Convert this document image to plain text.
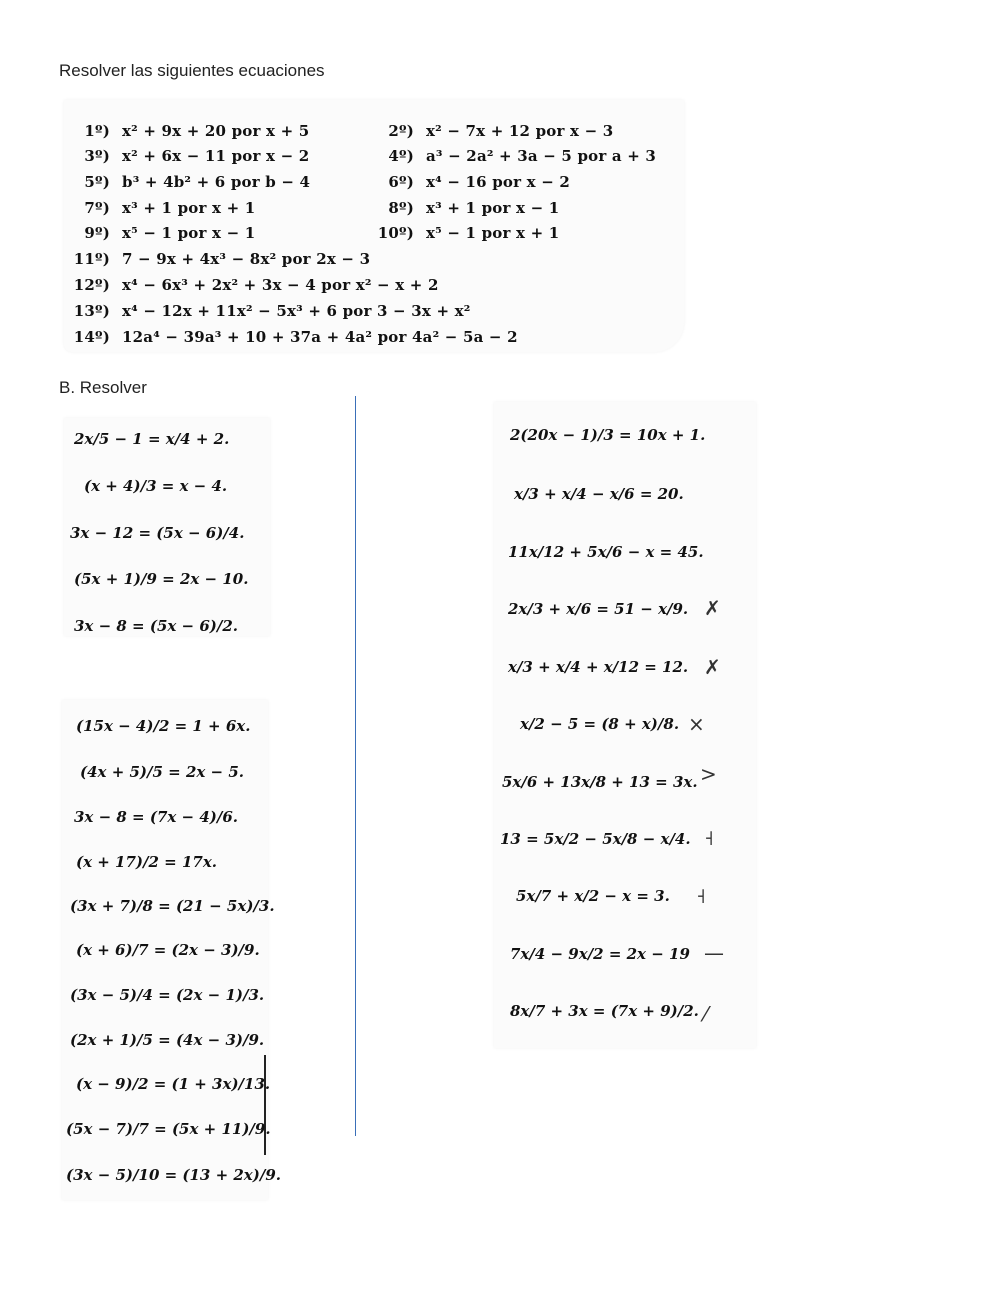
Resolver las siguientes ecuaciones
1º) x² + 9x + 20 por x + 5	2º) x² − 7x + 12 por x − 3
3º) x² + 6x − 11 por x − 2	4º) a³ − 2a² + 3a − 5 por a + 3
5º) b³ + 4b² + 6 por b − 4	6º) x⁴ − 16 por x − 2
7º) x³ + 1 por x + 1	8º) x³ + 1 por x − 1
9º) x⁵ − 1 por x − 1	10º) x⁵ − 1 por x + 1
11º) 7 − 9x + 4x³ − 8x² por 2x − 3
12º) x⁴ − 6x³ + 2x² + 3x − 4 por x² − x + 2
13º) x⁴ − 12x + 11x² − 5x³ + 6 por 3 − 3x + x²
14º) 12a⁴ − 39a³ + 10 + 37a + 4a² por 4a² − 5a − 2
B. Resolver
2x/5 − 1 = x/4 + 2.
(x + 4)/3 = x − 4.
3x − 12 = (5x − 6)/4.
(5x + 1)/9 = 2x − 10.
3x − 8 = (5x − 6)/2.
(15x − 4)/2 = 1 + 6x.
(4x + 5)/5 = 2x − 5.
3x − 8 = (7x − 4)/6.
(x + 17)/2 = 17x.
(3x + 7)/8 = (21 − 5x)/3.
(x + 6)/7 = (2x − 3)/9.
(3x − 5)/4 = (2x − 1)/3.
(2x + 1)/5 = (4x − 3)/9.
(x − 9)/2 = (1 + 3x)/13.
(5x − 7)/7 = (5x + 11)/9.
(3x − 5)/10 = (13 + 2x)/9.
2(20x − 1)/3 = 10x + 1.
x/3 + x/4 − x/6 = 20.
11x/12 + 5x/6 − x = 45.
2x/3 + x/6 = 51 − x/9.
x/3 + x/4 + x/12 = 12.
x/2 − 5 = (8 + x)/8.
5x/6 + 13x/8 + 13 = 3x.
13 = 5x/2 − 5x/8 − x/4.
5x/7 + x/2 − x = 3.
7x/4 − 9x/2 = 2x − 19
8x/7 + 3x = (7x + 9)/2.
✗
✗
×
>
˧
˧
—
⁄
